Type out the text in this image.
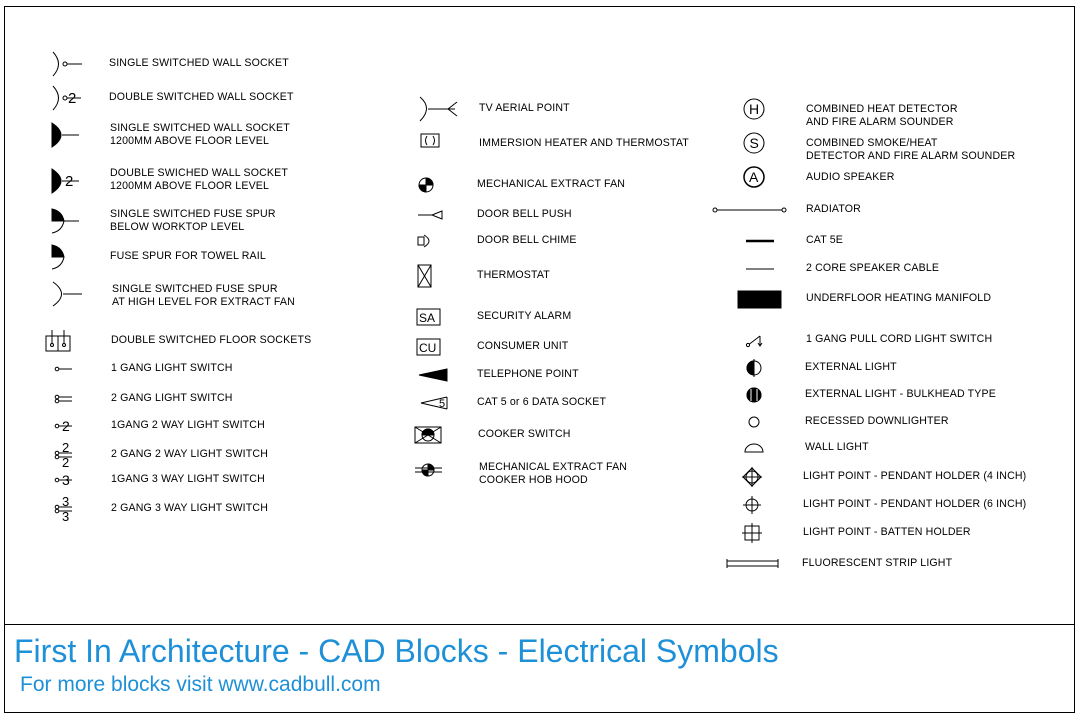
2
2
2
2
2
3
3
3
SINGLE SWITCHED WALL SOCKET
DOUBLE SWITCHED WALL SOCKET
SINGLE SWITCHED WALL SOCKET
1200MM ABOVE FLOOR LEVEL
DOUBLE SWICHED WALL SOCKET
1200MM ABOVE FLOOR LEVEL
SINGLE SWITCHED FUSE SPUR
BELOW WORKTOP LEVEL
FUSE SPUR FOR TOWEL RAIL
SINGLE SWITCHED FUSE SPUR
AT HIGH LEVEL FOR EXTRACT FAN
DOUBLE SWITCHED FLOOR SOCKETS
1 GANG LIGHT SWITCH
2 GANG LIGHT SWITCH
1GANG 2 WAY LIGHT SWITCH
2 GANG 2 WAY LIGHT SWITCH
1GANG 3 WAY LIGHT SWITCH
2 GANG 3 WAY LIGHT SWITCH
SA
CU
5
TV AERIAL POINT
IMMERSION HEATER AND THERMOSTAT
MECHANICAL EXTRACT FAN
DOOR BELL PUSH
DOOR BELL CHIME
THERMOSTAT
SECURITY ALARM
CONSUMER UNIT
TELEPHONE POINT
CAT 5 or 6 DATA SOCKET
COOKER SWITCH
MECHANICAL EXTRACT FAN
COOKER HOB HOOD
H
S
A
COMBINED HEAT DETECTOR
AND FIRE ALARM SOUNDER
COMBINED SMOKE/HEAT
DETECTOR AND FIRE ALARM SOUNDER
AUDIO SPEAKER
RADIATOR
CAT 5E
2 CORE SPEAKER CABLE
UNDERFLOOR HEATING MANIFOLD
1 GANG PULL CORD LIGHT SWITCH
EXTERNAL LIGHT
EXTERNAL LIGHT - BULKHEAD TYPE
RECESSED DOWNLIGHTER
WALL LIGHT
LIGHT POINT - PENDANT HOLDER (4 INCH)
LIGHT POINT - PENDANT HOLDER (6 INCH)
LIGHT POINT - BATTEN HOLDER
FLUORESCENT STRIP LIGHT
First In Architecture - CAD Blocks - Electrical Symbols
For more blocks visit www.cadbull.com
